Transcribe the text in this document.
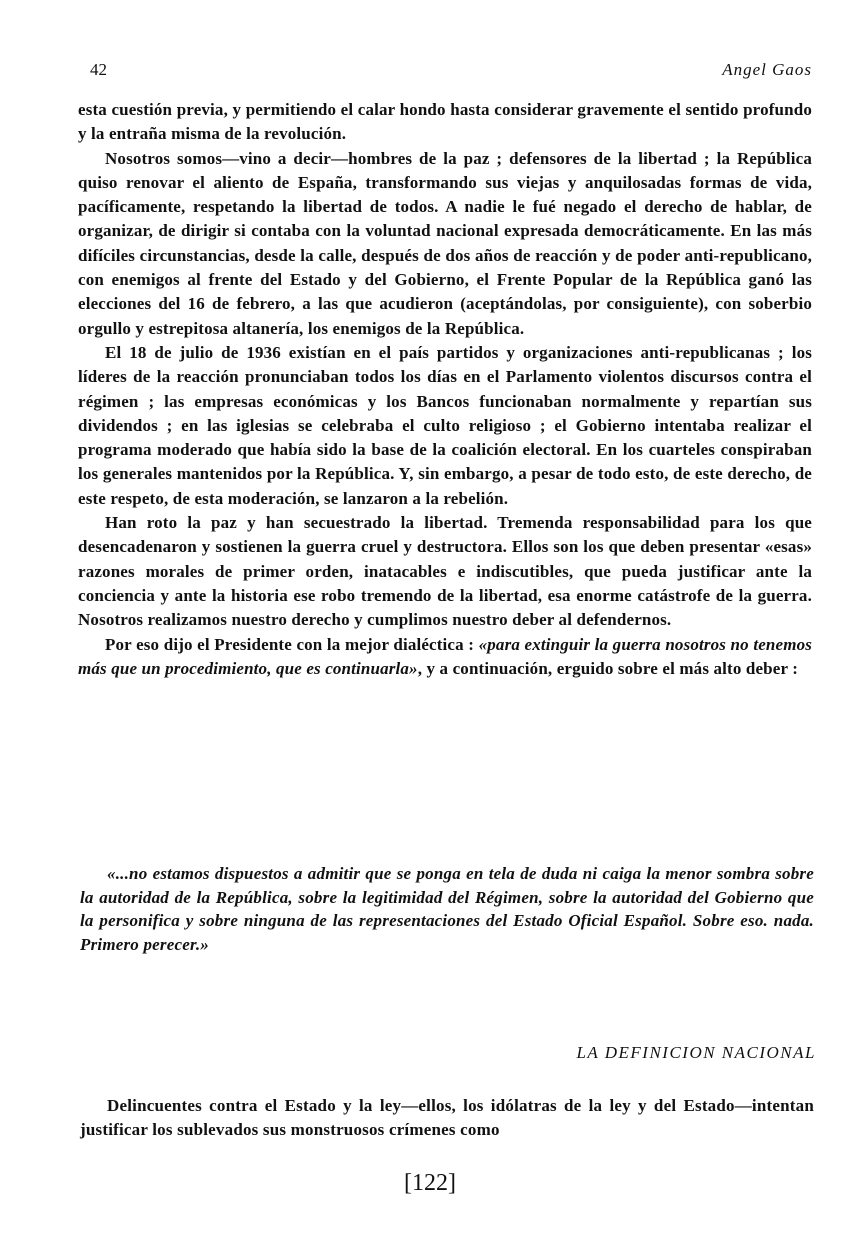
42	Angel Gaos

esta cuestión previa, y permitiendo el calar hondo hasta considerar gravemente el sentido profundo y la entraña misma de la revolución.

Nosotros somos—vino a decir—hombres de la paz ; defensores de la libertad ; la República quiso renovar el aliento de España, transformando sus viejas y anquilosadas formas de vida, pacíficamente, respetando la libertad de todos. A nadie le fué negado el derecho de hablar, de organizar, de dirigir si contaba con la voluntad nacional expresada democráticamente. En las más difíciles circunstancias, desde la calle, después de dos años de reacción y de poder anti-republicano, con enemigos al frente del Estado y del Gobierno, el Frente Popular de la República ganó las elecciones del 16 de febrero, a las que acudieron (aceptándolas, por consiguiente), con soberbio orgullo y estrepitosa altanería, los enemigos de la República.

El 18 de julio de 1936 existían en el país partidos y organizaciones anti-republicanas ; los líderes de la reacción pronunciaban todos los días en el Parlamento violentos discursos contra el régimen ; las empresas económicas y los Bancos funcionaban normalmente y repartían sus dividendos ; en las iglesias se celebraba el culto religioso ; el Gobierno intentaba realizar el programa moderado que había sido la base de la coalición electoral. En los cuarteles conspiraban los generales mantenidos por la República. Y, sin embargo, a pesar de todo esto, de este derecho, de este respeto, de esta moderación, se lanzaron a la rebelión.

Han roto la paz y han secuestrado la libertad. Tremenda responsabilidad para los que desencadenaron y sostienen la guerra cruel y destructora. Ellos son los que deben presentar «esas» razones morales de primer orden, inatacables e indiscutibles, que pueda justificar ante la conciencia y ante la historia ese robo tremendo de la libertad, esa enorme catástrofe de la guerra. Nosotros realizamos nuestro derecho y cumplimos nuestro deber al defendernos.

Por eso dijo el Presidente con la mejor dialéctica : «para extinguir la guerra nosotros no tenemos más que un procedimiento, que es continuarla», y a continuación, erguido sobre el más alto deber :

«...no estamos dispuestos a admitir que se ponga en tela de duda ni caiga la menor sombra sobre la autoridad de la República, sobre la legitimidad del Régimen, sobre la autoridad del Gobierno que la personifica y sobre ninguna de las representaciones del Estado Oficial Español. Sobre eso. nada. Primero perecer.»

LA DEFINICION NACIONAL

Delincuentes contra el Estado y la ley—ellos, los idólatras de la ley y del Estado—intentan justificar los sublevados sus monstruosos crímenes como

[122]
